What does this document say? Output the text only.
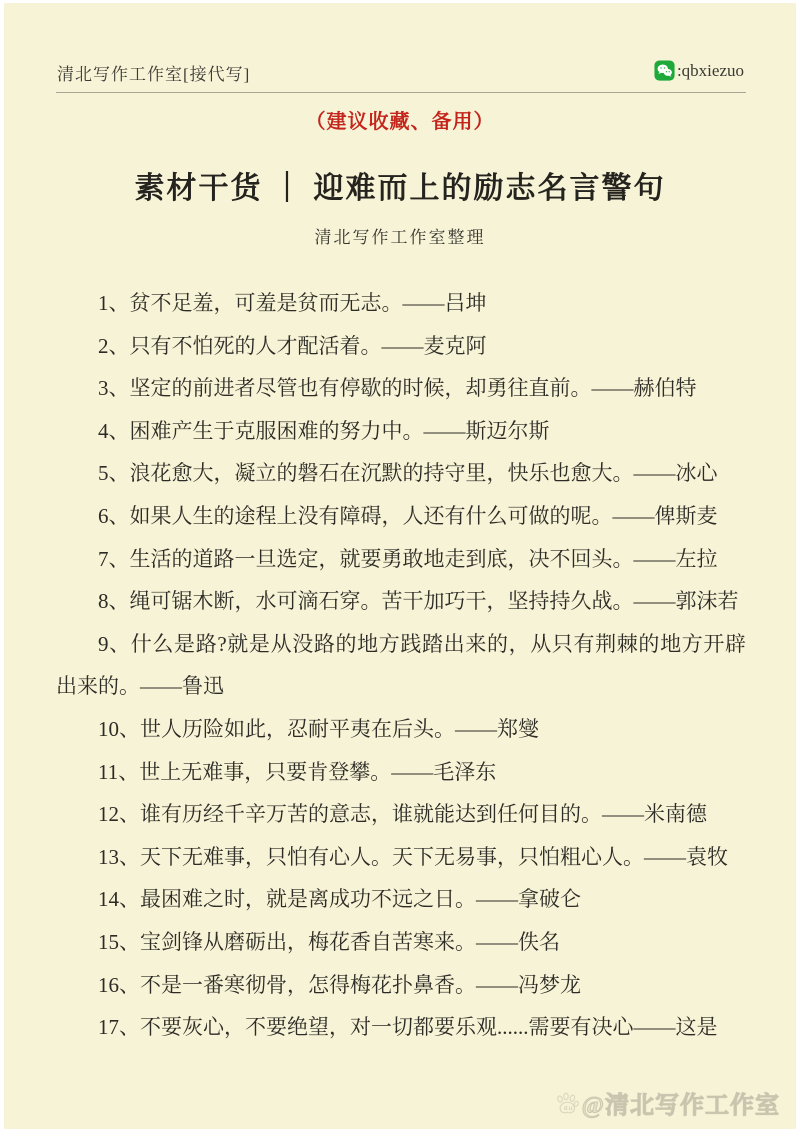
清北写作工作室[接代写]	:qbxiezuo
（建议收藏、备用）
素材干货 ｜ 迎难而上的励志名言警句
清北写作工作室整理

1、贫不足羞，可羞是贫而无志。——吕坤

2、只有不怕死的人才配活着。——麦克阿

3、坚定的前进者尽管也有停歇的时候，却勇往直前。——赫伯特

4、困难产生于克服困难的努力中。——斯迈尔斯

5、浪花愈大，凝立的磐石在沉默的持守里，快乐也愈大。——冰心

6、如果人生的途程上没有障碍，人还有什么可做的呢。——俾斯麦

7、生活的道路一旦选定，就要勇敢地走到底，决不回头。——左拉

8、绳可锯木断，水可滴石穿。苦干加巧干，坚持持久战。——郭沫若

9、什么是路?就是从没路的地方践踏出来的，从只有荆棘的地方开辟出来的。——鲁迅

10、世人历险如此，忍耐平夷在后头。——郑燮

11、世上无难事，只要肯登攀。——毛泽东

12、谁有历经千辛万苦的意志，谁就能达到任何目的。——米南德

13、天下无难事，只怕有心人。天下无易事，只怕粗心人。——袁牧

14、最困难之时，就是离成功不远之日。——拿破仑

15、宝剑锋从磨砺出，梅花香自苦寒来。——佚名

16、不是一番寒彻骨，怎得梅花扑鼻香。——冯梦龙

17、不要灰心，不要绝望，对一切都要乐观......需要有决心——这是

du @清北写作工作室
